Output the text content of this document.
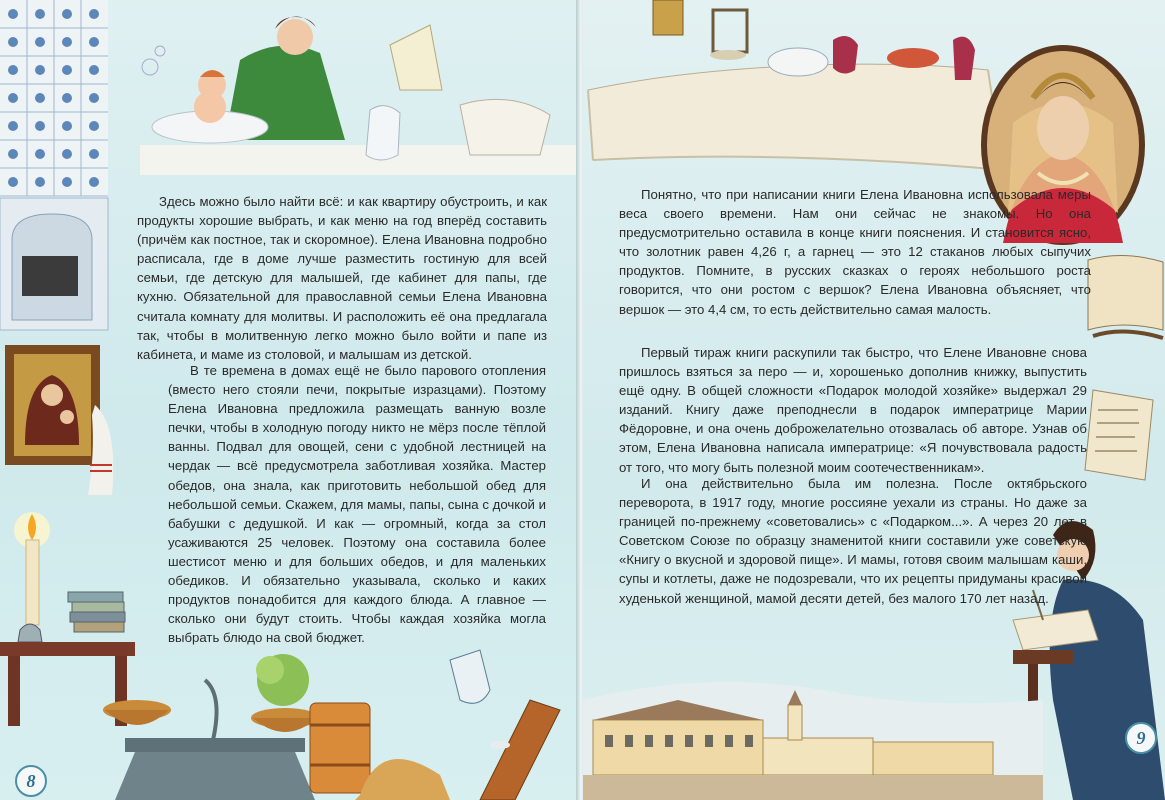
Здесь можно было найти всё: и как квартиру обустроить, и как продукты хорошие выбрать, и как меню на год вперёд составить (причём как постное, так и скоромное). Елена Ивановна подробно расписала, где в доме лучше разместить гостиную для всей семьи, где детскую для малышей, где кабинет для папы, где кухню. Обязательной для православной семьи Елена Ивановна считала комнату для молитвы. И расположить её она предлагала так, чтобы в молитвенную легко можно было войти и папе из кабинета, и маме из столовой, и малышам из детской.

В те времена в домах ещё не было парового отопления (вместо него стояли печи, покрытые изразцами). Поэтому Елена Ивановна предложила размещать ванную возле печки, чтобы в холодную погоду никто не мёрз после тёплой ванны. Подвал для овощей, сени с удобной лестницей на чердак — всё предусмотрела заботливая хозяйка. Мастер обедов, она знала, как приготовить небольшой обед для небольшой семьи. Скажем, для мамы, папы, сына с дочкой и бабушки с дедушкой. И как — огромный, когда за стол усаживаются 25 человек. Поэтому она составила более шестисот меню и для больших обедов, и для маленьких обедиков. И обязательно указывала, сколько и каких продуктов понадобится для каждого блюда. А главное — сколько они будут стоить. Чтобы каждая хозяйка могла выбрать блюдо на свой бюджет.

8

Понятно, что при написании книги Елена Ивановна использовала меры веса своего времени. Нам они сейчас не знакомы. Но она предусмотрительно оставила в конце книги пояснения. И становится ясно, что золотник равен 4,26 г, а гарнец — это 12 стаканов любых сыпучих продуктов. Помните, в русских сказках о героях небольшого роста говорится, что они ростом с вершок? Елена Ивановна объясняет, что вершок — это 4,4 см, то есть действительно самая малость.

Первый тираж книги раскупили так быстро, что Елене Ивановне снова пришлось взяться за перо — и, хорошенько дополнив книжку, выпустить ещё одну. В общей сложности «Подарок молодой хозяйке» выдержал 29 изданий. Книгу даже преподнесли в подарок императрице Марии Фёдоровне, и она очень доброжелательно отозвалась об авторе. Узнав об этом, Елена Ивановна написала императрице: «Я почувствовала радость от того, что могу быть полезной моим соотечественникам».

И она действительно была им полезна. После октябрьского переворота, в 1917 году, многие россияне уехали из страны. Но даже за границей по-прежнему «советовались» с «Подарком...». А через 20 лет в Советском Союзе по образцу знаменитой книги составили уже советскую «Книгу о вкусной и здоровой пище». И мамы, готовя своим малышам каши, супы и котлеты, даже не подозревали, что их рецепты придуманы красивой худенькой женщиной, мамой десяти детей, без малого 170 лет назад.

9
